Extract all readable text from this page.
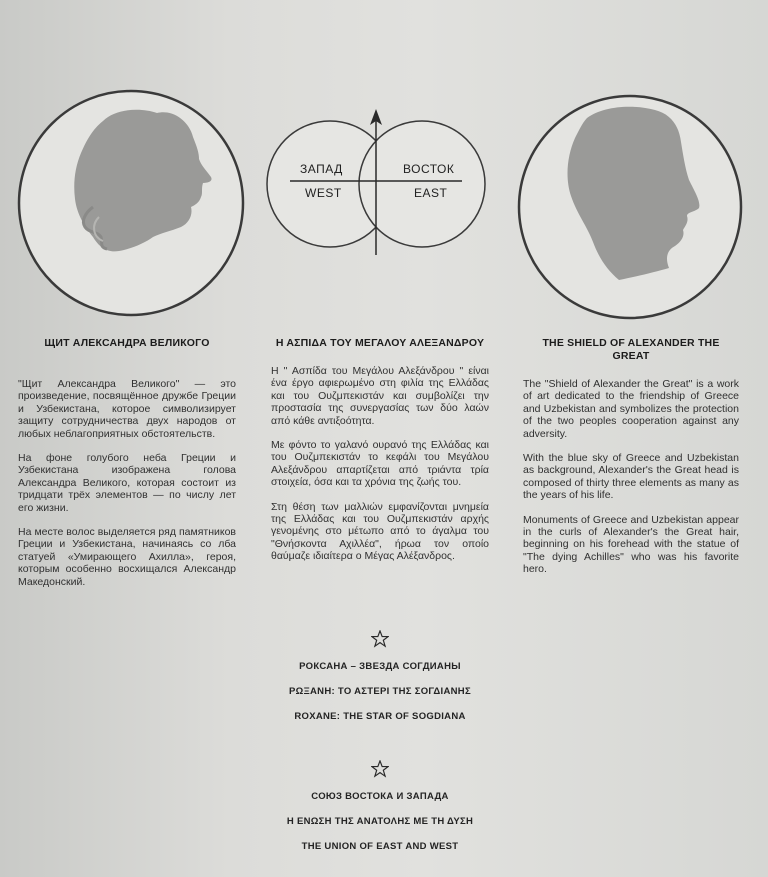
ЗАПАД
WEST
ВОСТОК
EAST
ЩИТ АЛЕКСАНДРА ВЕЛИКОГО

"Щит Александра Великого" — это произведение, посвящённое дружбе Греции и Узбекистана, которое символизирует защиту сотрудничества двух народов от любых неблагоприятных обстоятельств.

На фоне голубого неба Греции и Узбекистана изображена голова Александра Великого, которая состоит из тридцати трёх элементов — по числу лет его жизни.

На месте волос выделяется ряд памятников Греции и Узбекистана, начинаясь со лба статуей «Умирающего Ахилла», героя, которым особенно восхищался Александр Македонский.

Η ΑΣΠΙΔΑ ΤΟΥ ΜΕΓΑΛΟΥ ΑΛΕΞΑΝΔΡΟΥ

Η " Ασπίδα του Μεγάλου Αλεξάνδρου " είναι ένα έργο αφιερωμένο στη φιλία της Ελλάδας και του Ουζμπεκιστάν και συμβολίζει την προστασία της συνεργασίας των δύο λαών από κάθε αντιξοότητα.

Με φόντο το γαλανό ουρανό της Ελλάδας και του Ουζμπεκιστάν το κεφάλι του Μεγάλου Αλεξάνδρου απαρτίζεται από τριάντα τρία στοιχεία, όσα και τα χρόνια της ζωής του.

Στη θέση των μαλλιών εμφανίζονται μνημεία της Ελλάδας και του Ουζμπεκιστάν αρχής γενομένης στο μέτωπο από το άγαλμα του "Θνήσκοντα Αχιλλέα", ήρωα τον οποίο θαύμαζε ιδιαίτερα ο Μέγας Αλέξανδρος.

THE SHIELD OF ALEXANDER THE GREAT

The "Shield of Alexander the Great" is a work of art dedicated to the friendship of Greece and Uzbekistan and symbolizes the protection of the two peoples cooperation against any adversity.

With the blue sky of Greece and Uzbekistan as background, Alexander's the Great head is composed of thirty three elements as many as the years of his life.

Monuments of Greece and Uzbekistan appear in the curls of Alexander's the Great hair, beginning on his forehead with the statue of "The dying Achilles" who was his favorite hero.

РОКСАНА – ЗВЕЗДА СОГДИАНЫ
ΡΩΞΑΝΗ: ΤΟ ΑΣΤΕΡΙ ΤΗΣ ΣΟΓΔΙΑΝΗΣ
ROXANE: THE STAR OF SOGDIANA
СОЮЗ ВОСТОКА И ЗАПАДА
Η ΕΝΩΣΗ ΤΗΣ ΑΝΑΤΟΛΗΣ ΜΕ ΤΗ ΔΥΣΗ
THE UNION OF EAST AND WEST
